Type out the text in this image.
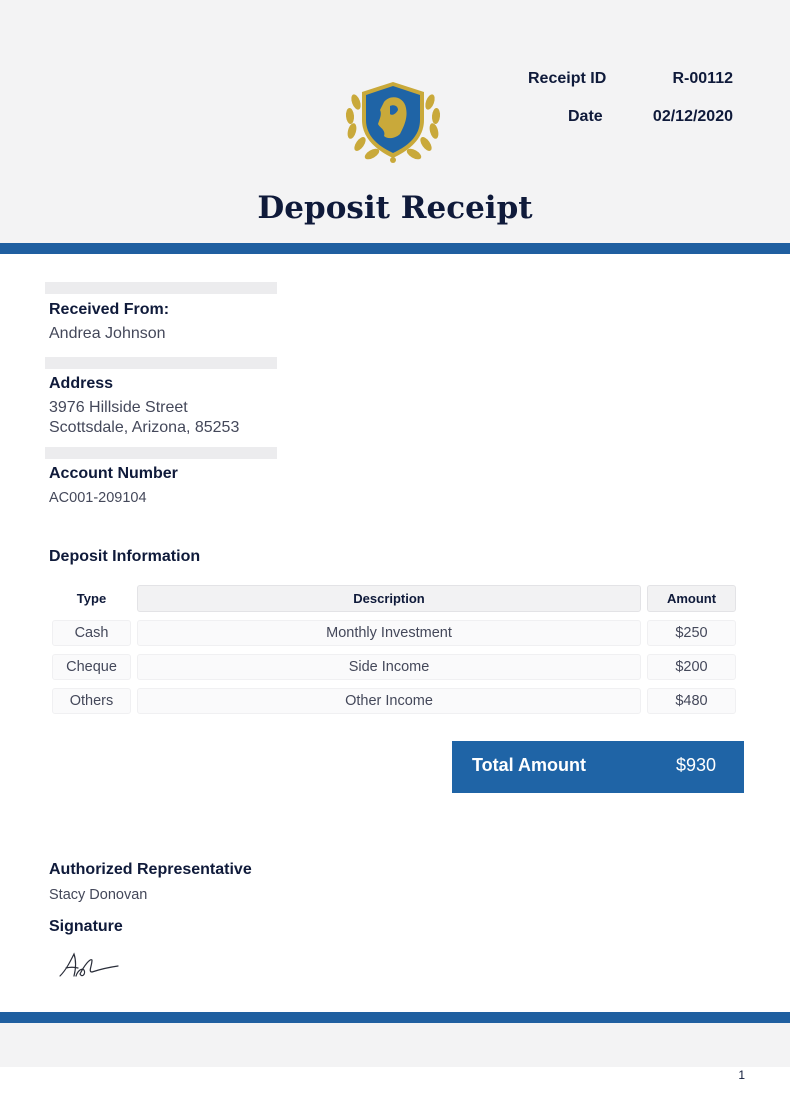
Receipt ID	R-00112
Date	02/12/2020
Deposit Receipt
Received From:
Andrea Johnson
Address
3976 Hillside Street
Scottsdale, Arizona, 85253
Account Number
AC001-209104
Deposit Information
Type	Description	Amount
Cash	Monthly Investment	$250
Cheque	Side Income	$200
Others	Other Income	$480
Total Amount	$930
Authorized Representative
Stacy Donovan
Signature
1
